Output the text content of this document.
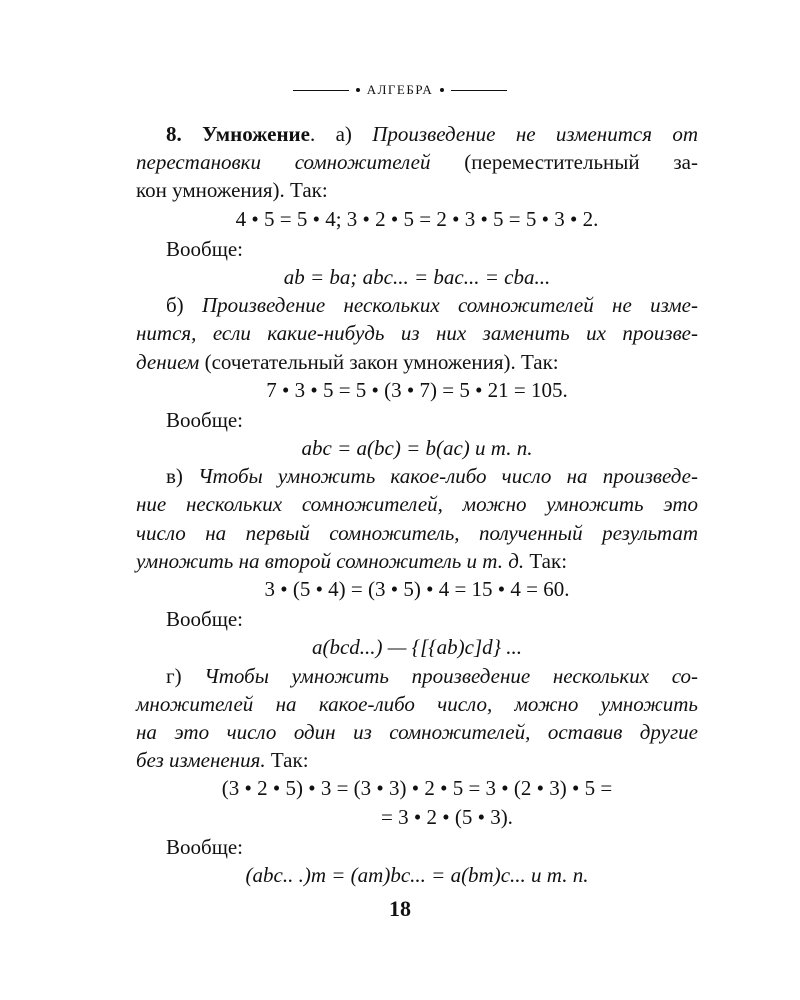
АЛГЕБРА
8. Умножение. а) Произведение не изменится от
перестановки сомножителей (переместительный за-
кон умножения). Так:
4 • 5 = 5 • 4; 3 • 2 • 5 = 2 • 3 • 5 = 5 • 3 • 2.
Вообще:
ab = ba; abc... = bac... = cba...
б) Произведение нескольких сомножителей не изме-
нится, если какие-нибудь из них заменить их произве-
дением (сочетательный закон умножения). Так:
7 • 3 • 5 = 5 • (3 • 7) = 5 • 21 = 105.
Вообще:
abc = a(bc) = b(ac) и т. п.
в) Чтобы умножить какое-либо число на произведе-
ние нескольких сомножителей, можно умножить это
число на первый сомножитель, полученный результат
умножить на второй сомножитель и т. д. Так:
3 • (5 • 4) = (3 • 5) • 4 = 15 • 4 = 60.
Вообще:
a(bcd...) — {[{ab)c]d} ...
г) Чтобы умножить произведение нескольких со-
множителей на какое-либо число, можно умножить
на это число один из сомножителей, оставив другие
без изменения. Так:
(3 • 2 • 5) • 3 = (3 • 3) • 2 • 5 = 3 • (2 • 3) • 5 =
= 3 • 2 • (5 • 3).
Вообще:
(abc.. .)m = (am)bc... = a(bm)c... и т. п.
18
